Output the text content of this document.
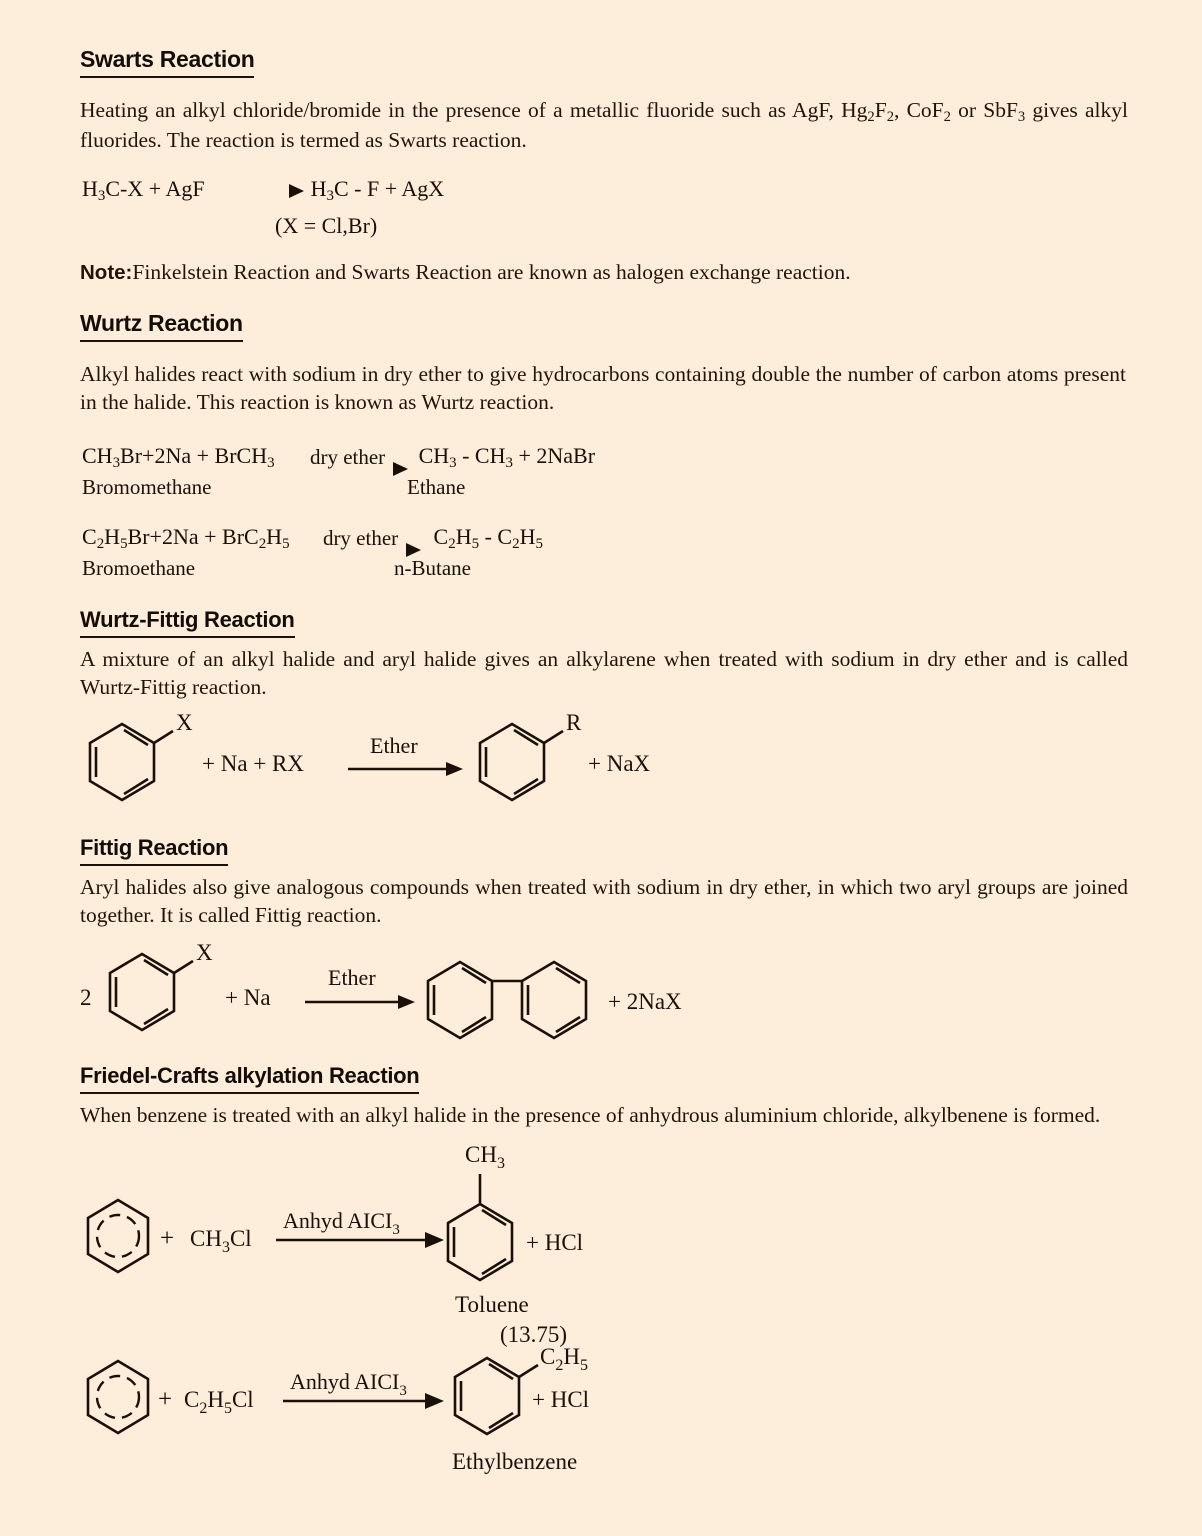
Swarts Reaction

Heating an alkyl chloride/bromide in the presence of a metallic fluoride such as AgF, $Hg_2F_2$, CoF$_2$ or SbF$_3$ gives alkyl fluorides. The reaction is termed as Swarts reaction.

$H_3C-X$ + AgF	$H_3C$ - F + AgX
(X = Cl,Br)

Note:Finkelstein Reaction and Swarts Reaction are known as halogen exchange reaction.

Wurtz Reaction

Alkyl halides react with sodium in dry ether to give hydrocarbons containing double the number of carbon atoms present in the halide. This reaction is known as Wurtz reaction.

$CH_3Br+2Na$ + BrCH$_3$ dry ether $CH_3 - CH_3$ + 2NaBr
Bromomethane	Ethane
$C_2H_5Br+2Na + BrC_2H_5$ dry ether $C_2H_5 - C_2H_5$
Bromoethane	n-Butane
Wurtz-Fittig Reaction

A mixture of an alkyl halide and aryl halide gives an alkylarene when treated with sodium in dry ether and is called Wurtz-Fittig reaction.

X
+ Na + RX
Ether
R
+ NaX
Fittig Reaction

Aryl halides also give analogous compounds when treated with sodium in dry ether, in which two aryl groups are joined together. It is called Fittig reaction.

2
X
+ Na
Ether
+ 2NaX
Friedel-Crafts alkylation Reaction

When benzene is treated with an alkyl halide in the presence of anhydrous aluminium chloride, alkylbenene is formed.

+ $CH_3Cl$
Anhyd $AICI_3$
$CH_3$
+ HCl
Toluene
(13.75)
+ $C_2H_5Cl$
Anhyd $AICI_3$
$C_2H_5$
+ HCl
Ethylbenzene
